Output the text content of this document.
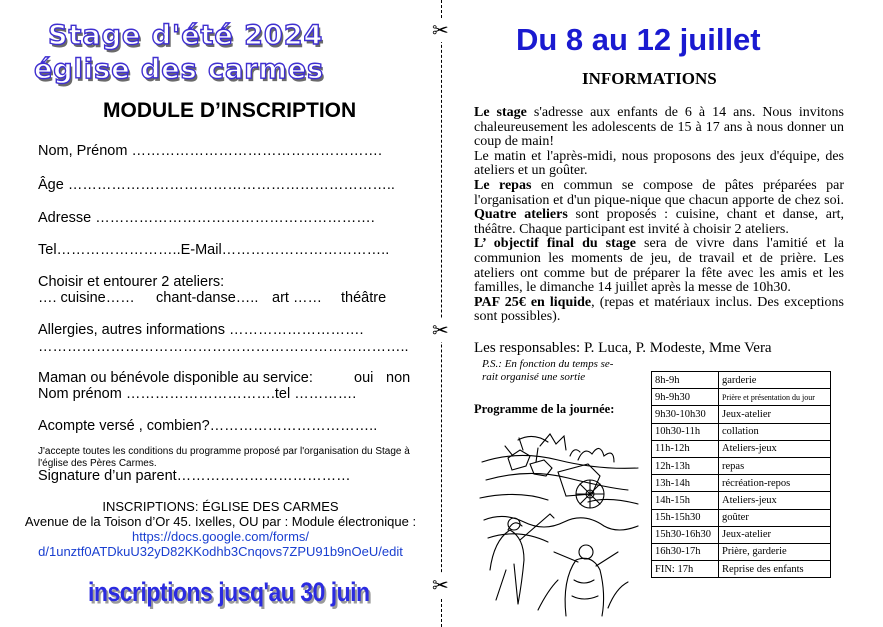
Stage d'été 2024
église des carmes
MODULE D’INSCRIPTION
Nom, Prénom …………………………………………….
Âge …………………………………………………………..
Adresse ………………………………………………….
Tel……………………..E-Mail……………………………..
Choisir et entourer 2 ateliers:
…. cuisine…… chant-danse….. art …… théâtre
Allergies, autres informations ……………………….
…………………………………………………………………..
Maman ou bénévole disponible au service:	oui non
Nom prénom ………………………….tel ………….
Acompte versé , combien?……………………………..
J'accepte toutes les conditions du programme proposé par l'organisation du Stage à
l'église des Pères Carmes.
Signature d’un parent………………………………
INSCRIPTIONS: ÉGLISE DES CARMES
Avenue de la Toison d’Or 45. Ixelles, OU par : Module électronique :
https://docs.google.com/forms/
d/1unztf0ATDkuU32yD82KKodhb3Cnqovs7ZPU91b9nOeU/edit
inscriptions jusq'au 30 juin
✂
✂
✂
Du 8 au 12 juillet
INFORMATIONS

Le stage s'adresse aux enfants de 6 à 14 ans. Nous invitons chaleureusement les adolescents de 15 à 17 ans à nous donner un coup de main!

Le matin et l'après-midi, nous proposons des jeux d'équipe, des ateliers et un goûter.

Le repas en commun se compose de pâtes préparées par l'organisation et d'un pique-nique que chacun apporte de chez soi. Quatre ateliers sont proposés : cuisine, chant et danse, art, théâtre. Chaque participant est invité à choisir 2 ateliers.

L’ objectif final du stage sera de vivre dans l'amitié et la communion les moments de jeu, de travail et de prière. Les ateliers ont comme but de préparer la fête avec les amis et les familles, le dimanche 14 juillet après la messe de 10h30.

PAF 25€ en liquide, (repas et matériaux inclus. Des exceptions sont possibles).

Les responsables: P. Luca, P. Modeste, Mme Vera
P.S.: En fonction du temps se-
rait organisé une sortie
Programme de la journée:
8h-9h	garderie
9h-9h30	Prière et présentation du jour
9h30-10h30	Jeux-atelier
10h30-11h	collation
11h-12h	Ateliers-jeux
12h-13h	repas
13h-14h	récréation-repos
14h-15h	Ateliers-jeux
15h-15h30	goûter
15h30-16h30	Jeux-atelier
16h30-17h	Prière, garderie
FIN: 17h	Reprise des enfants
